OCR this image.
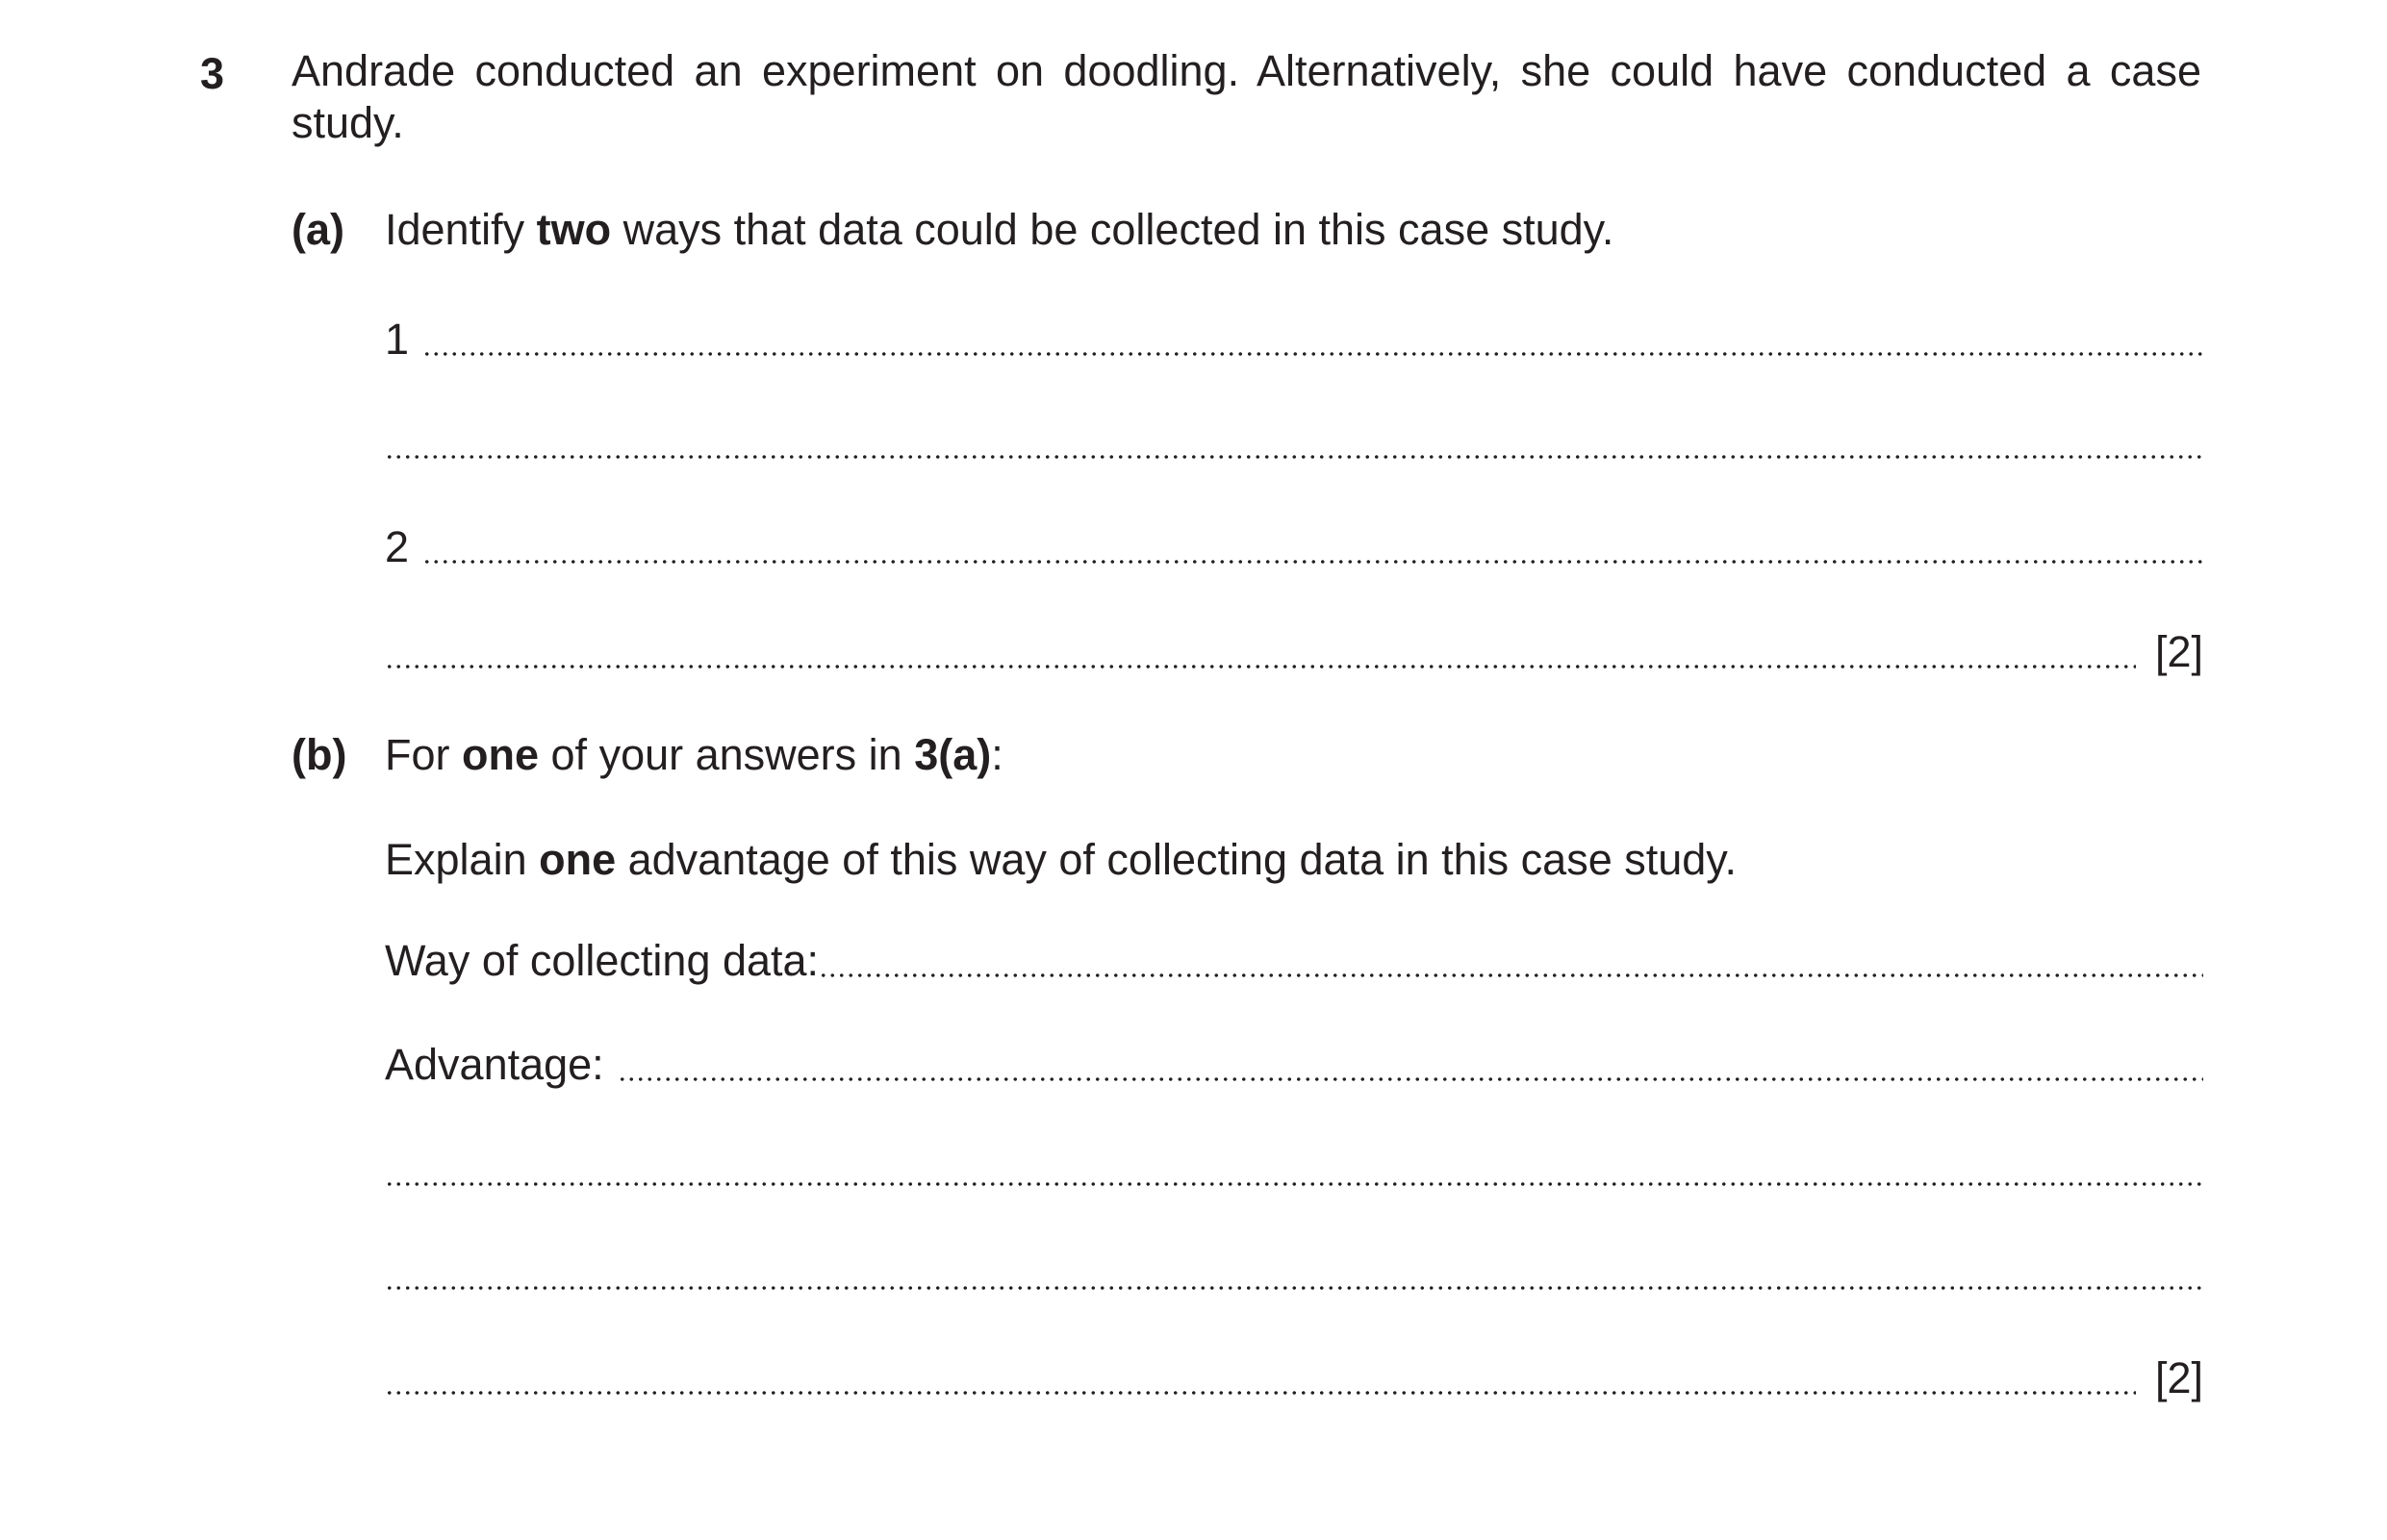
3 Andrade conducted an experiment on doodling. Alternatively, she could have conducted a case
study.
(a) Identify two ways that data could be collected in this case study.
1
2
[2]
(b) For one of your answers in 3(a):
Explain one advantage of this way of collecting data in this case study.
Way of collecting data:
Advantage:
[2]
